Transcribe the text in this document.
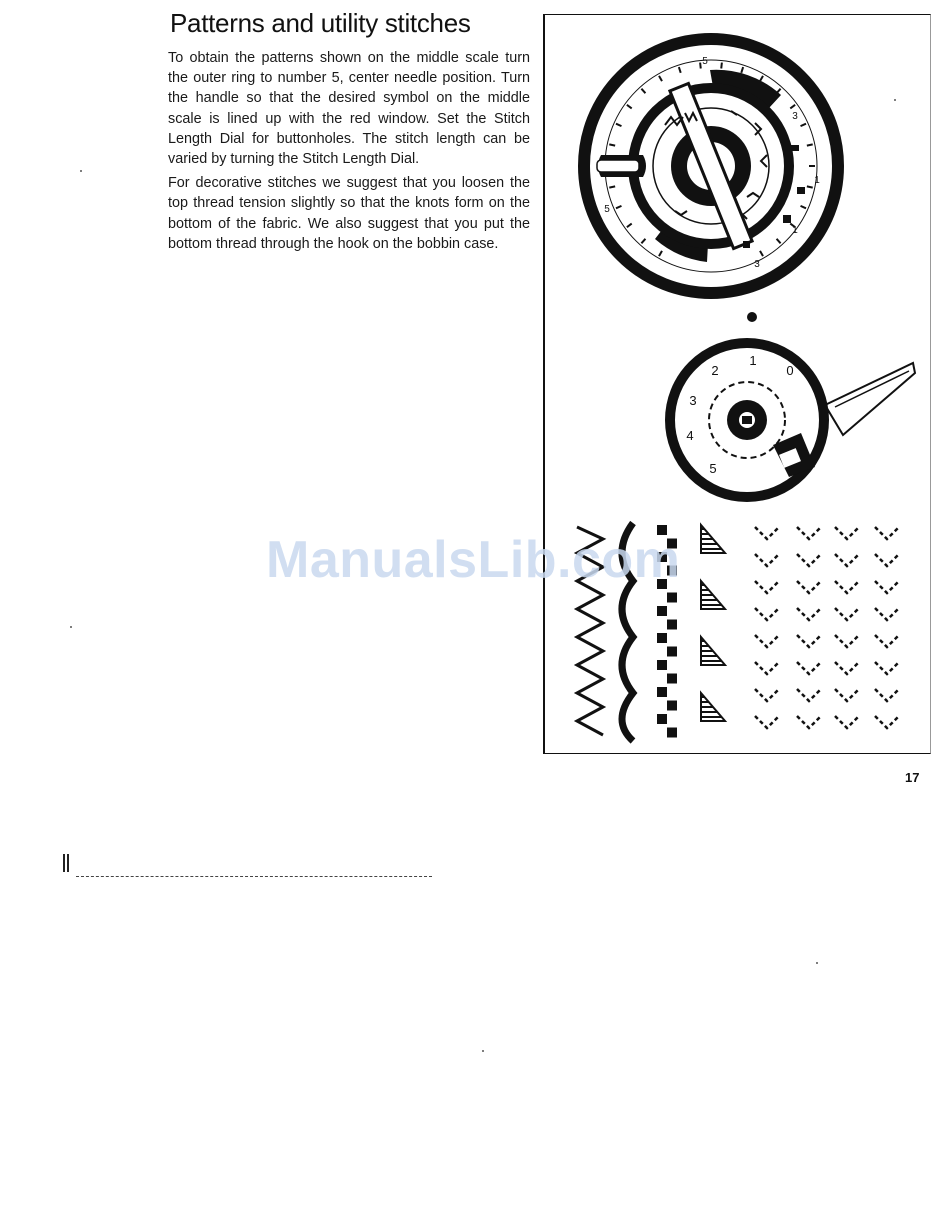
Patterns and utility stitches

To obtain the patterns shown on the middle scale turn the outer ring to number 5, center needle position. Turn the handle so that the desired symbol on the middle scale is lined up with the red window. Set the Stitch Length Dial for buttonholes. The stitch length can be varied by turning the Stitch Length Dial.

For decorative stitches we suggest that you loosen the top thread tension slightly so that the knots form on the bottom of the fabric. We also suggest that you put the bottom thread through the hook on the bobbin case.

5
3
1
1
3
5
0
1
2
3
4
5
ManualsLib.com
17
